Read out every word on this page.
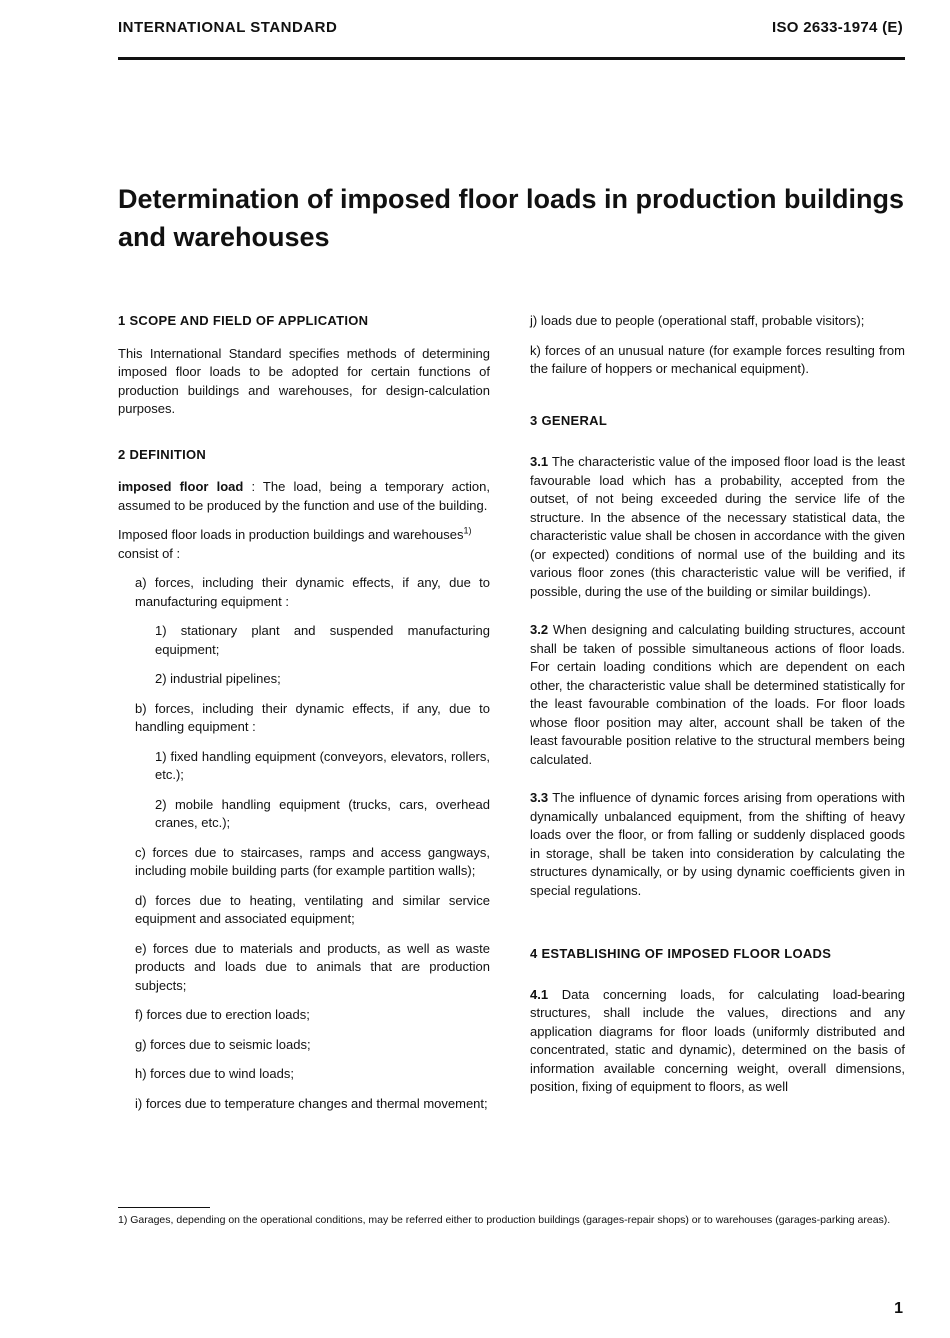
INTERNATIONAL STANDARD	ISO 2633-1974 (E)
Determination of imposed floor loads in production buildings and warehouses
1 SCOPE AND FIELD OF APPLICATION

This International Standard specifies methods of determining imposed floor loads to be adopted for certain functions of production buildings and warehouses, for design-calculation purposes.

2 DEFINITION

imposed floor load : The load, being a temporary action, assumed to be produced by the function and use of the building.

Imposed floor loads in production buildings and warehouses$^{1)}$ consist of :

a) forces, including their dynamic effects, if any, due to manufacturing equipment :

1) stationary plant and suspended manufacturing equipment;

2) industrial pipelines;

b) forces, including their dynamic effects, if any, due to handling equipment :

1) fixed handling equipment (conveyors, elevators, rollers, etc.);

2) mobile handling equipment (trucks, cars, overhead cranes, etc.);

c) forces due to staircases, ramps and access gangways, including mobile building parts (for example partition walls);

d) forces due to heating, ventilating and similar service equipment and associated equipment;

e) forces due to materials and products, as well as waste products and loads due to animals that are production subjects;

f) forces due to erection loads;

g) forces due to seismic loads;

h) forces due to wind loads;

i) forces due to temperature changes and thermal movement;

j) loads due to people (operational staff, probable visitors);

k) forces of an unusual nature (for example forces resulting from the failure of hoppers or mechanical equipment).

3 GENERAL

3.1 The characteristic value of the imposed floor load is the least favourable load which has a probability, accepted from the outset, of not being exceeded during the service life of the structure. In the absence of the necessary statistical data, the characteristic value shall be chosen in accordance with the given (or expected) conditions of normal use of the building and its various floor zones (this characteristic value will be verified, if possible, during the use of the building or similar buildings).

3.2 When designing and calculating building structures, account shall be taken of possible simultaneous actions of floor loads. For certain loading conditions which are dependent on each other, the characteristic value shall be determined statistically for the least favourable combination of the loads. For floor loads whose floor position may alter, account shall be taken of the least favourable position relative to the structural members being calculated.

3.3 The influence of dynamic forces arising from operations with dynamically unbalanced equipment, from the shifting of heavy loads over the floor, or from falling or suddenly displaced goods in storage, shall be taken into consideration by calculating the structures dynamically, or by using dynamic coefficients given in special regulations.

4 ESTABLISHING OF IMPOSED FLOOR LOADS

4.1 Data concerning loads, for calculating load-bearing structures, shall include the values, directions and any application diagrams for floor loads (uniformly distributed and concentrated, static and dynamic), determined on the basis of information available concerning weight, overall dimensions, position, fixing of equipment to floors, as well

1) Garages, depending on the operational conditions, may be referred either to production buildings (garages-repair shops) or to warehouses (garages-parking areas).
1
